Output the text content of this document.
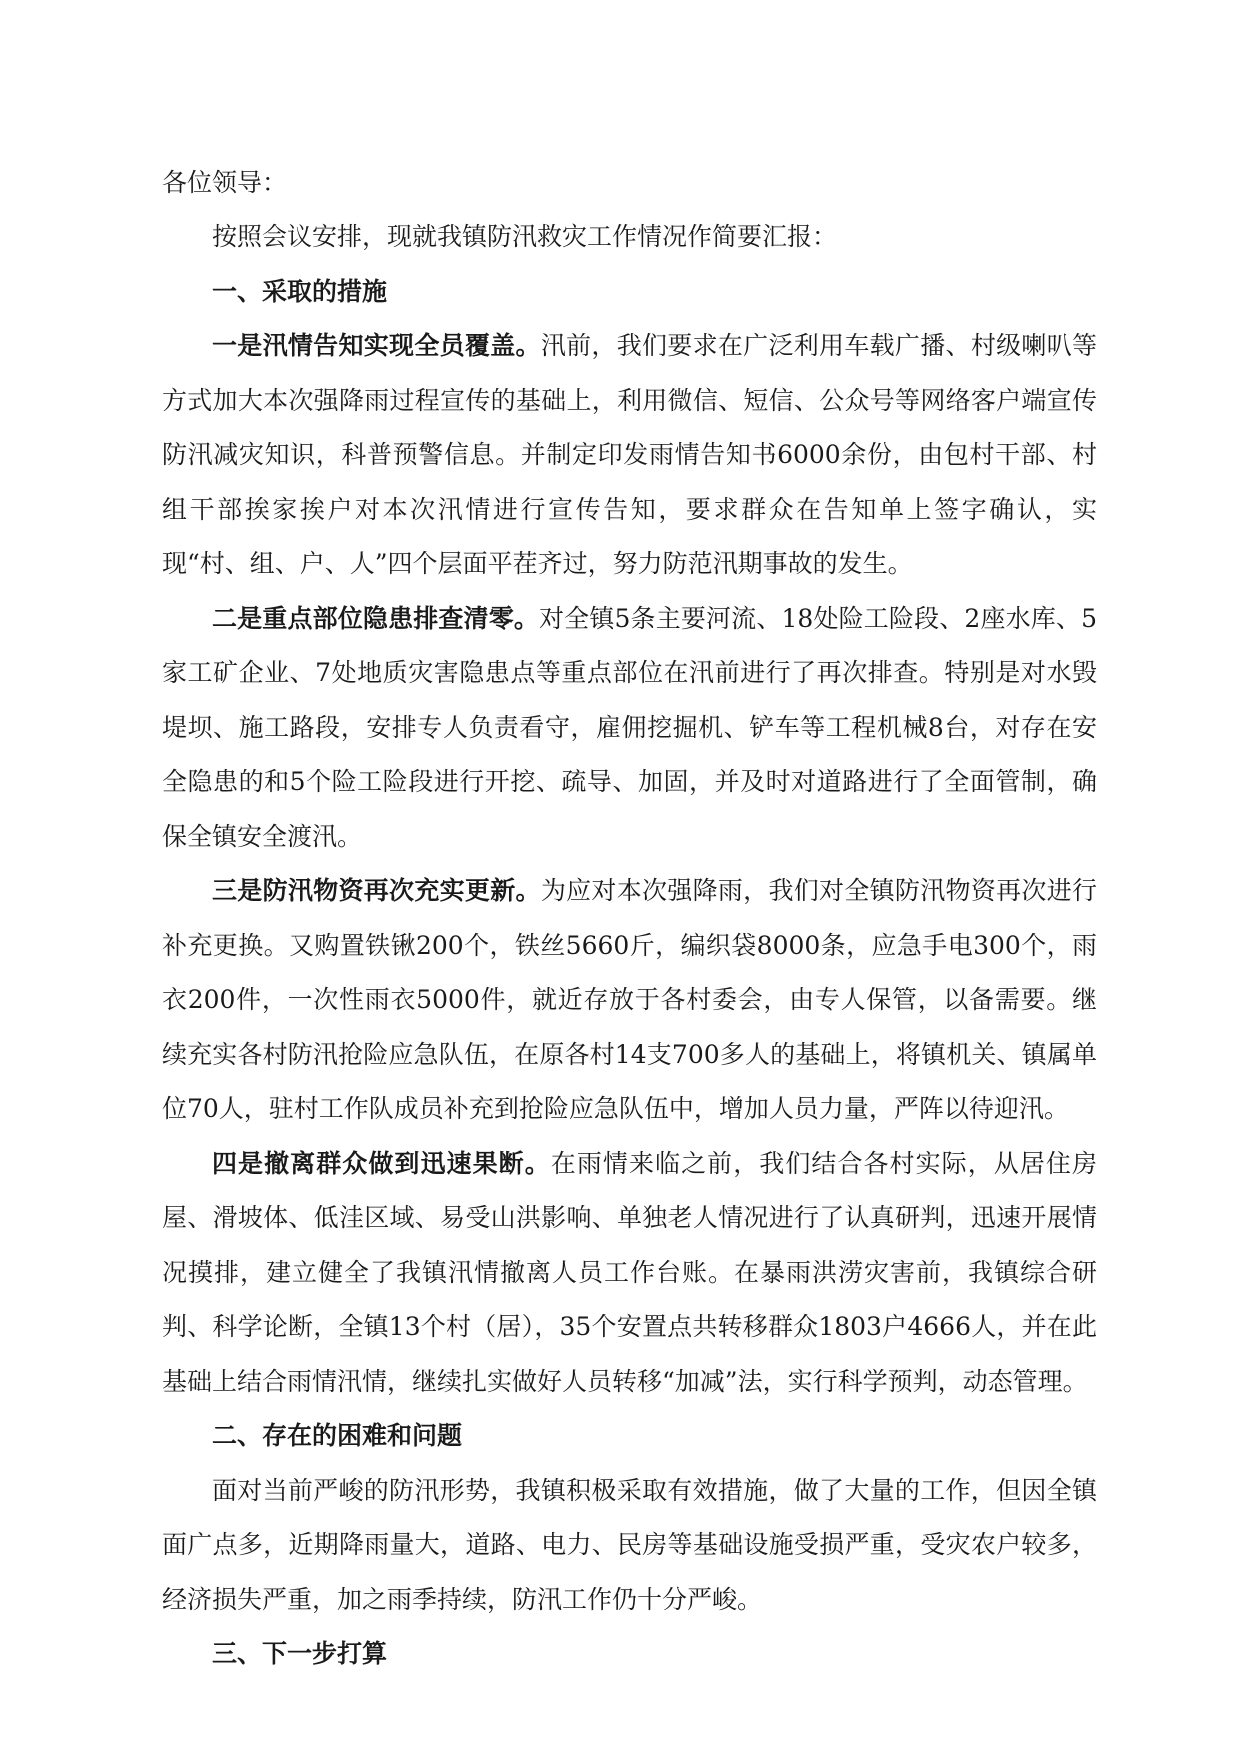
各位领导：

按照会议安排，现就我镇防汛救灾工作情况作简要汇报：

一、采取的措施

一是汛情告知实现全员覆盖。汛前，我们要求在广泛利用车载广播、村级喇叭等方式加大本次强降雨过程宣传的基础上，利用微信、短信、公众号等网络客户端宣传防汛减灾知识，科普预警信息。并制定印发雨情告知书6000余份，由包村干部、村组干部挨家挨户对本次汛情进行宣传告知，要求群众在告知单上签字确认，实现“村、组、户、人”四个层面平茬齐过，努力防范汛期事故的发生。

二是重点部位隐患排查清零。对全镇5条主要河流、18处险工险段、2座水库、5家工矿企业、7处地质灾害隐患点等重点部位在汛前进行了再次排查。特别是对水毁堤坝、施工路段，安排专人负责看守，雇佣挖掘机、铲车等工程机械8台，对存在安全隐患的和5个险工险段进行开挖、疏导、加固，并及时对道路进行了全面管制，确保全镇安全渡汛。

三是防汛物资再次充实更新。为应对本次强降雨，我们对全镇防汛物资再次进行补充更换。又购置铁锹200个，铁丝5660斤，编织袋8000条，应急手电300个，雨衣200件，一次性雨衣5000件，就近存放于各村委会，由专人保管，以备需要。继续充实各村防汛抢险应急队伍，在原各村14支700多人的基础上，将镇机关、镇属单位70人，驻村工作队成员补充到抢险应急队伍中，增加人员力量，严阵以待迎汛。

四是撤离群众做到迅速果断。在雨情来临之前，我们结合各村实际，从居住房屋、滑坡体、低洼区域、易受山洪影响、单独老人情况进行了认真研判，迅速开展情况摸排，建立健全了我镇汛情撤离人员工作台账。在暴雨洪涝灾害前，我镇综合研判、科学论断，全镇13个村（居），35个安置点共转移群众1803户4666人，并在此基础上结合雨情汛情，继续扎实做好人员转移“加减”法，实行科学预判，动态管理。

二、存在的困难和问题

面对当前严峻的防汛形势，我镇积极采取有效措施，做了大量的工作，但因全镇面广点多，近期降雨量大，道路、电力、民房等基础设施受损严重，受灾农户较多，经济损失严重，加之雨季持续，防汛工作仍十分严峻。

三、下一步打算
